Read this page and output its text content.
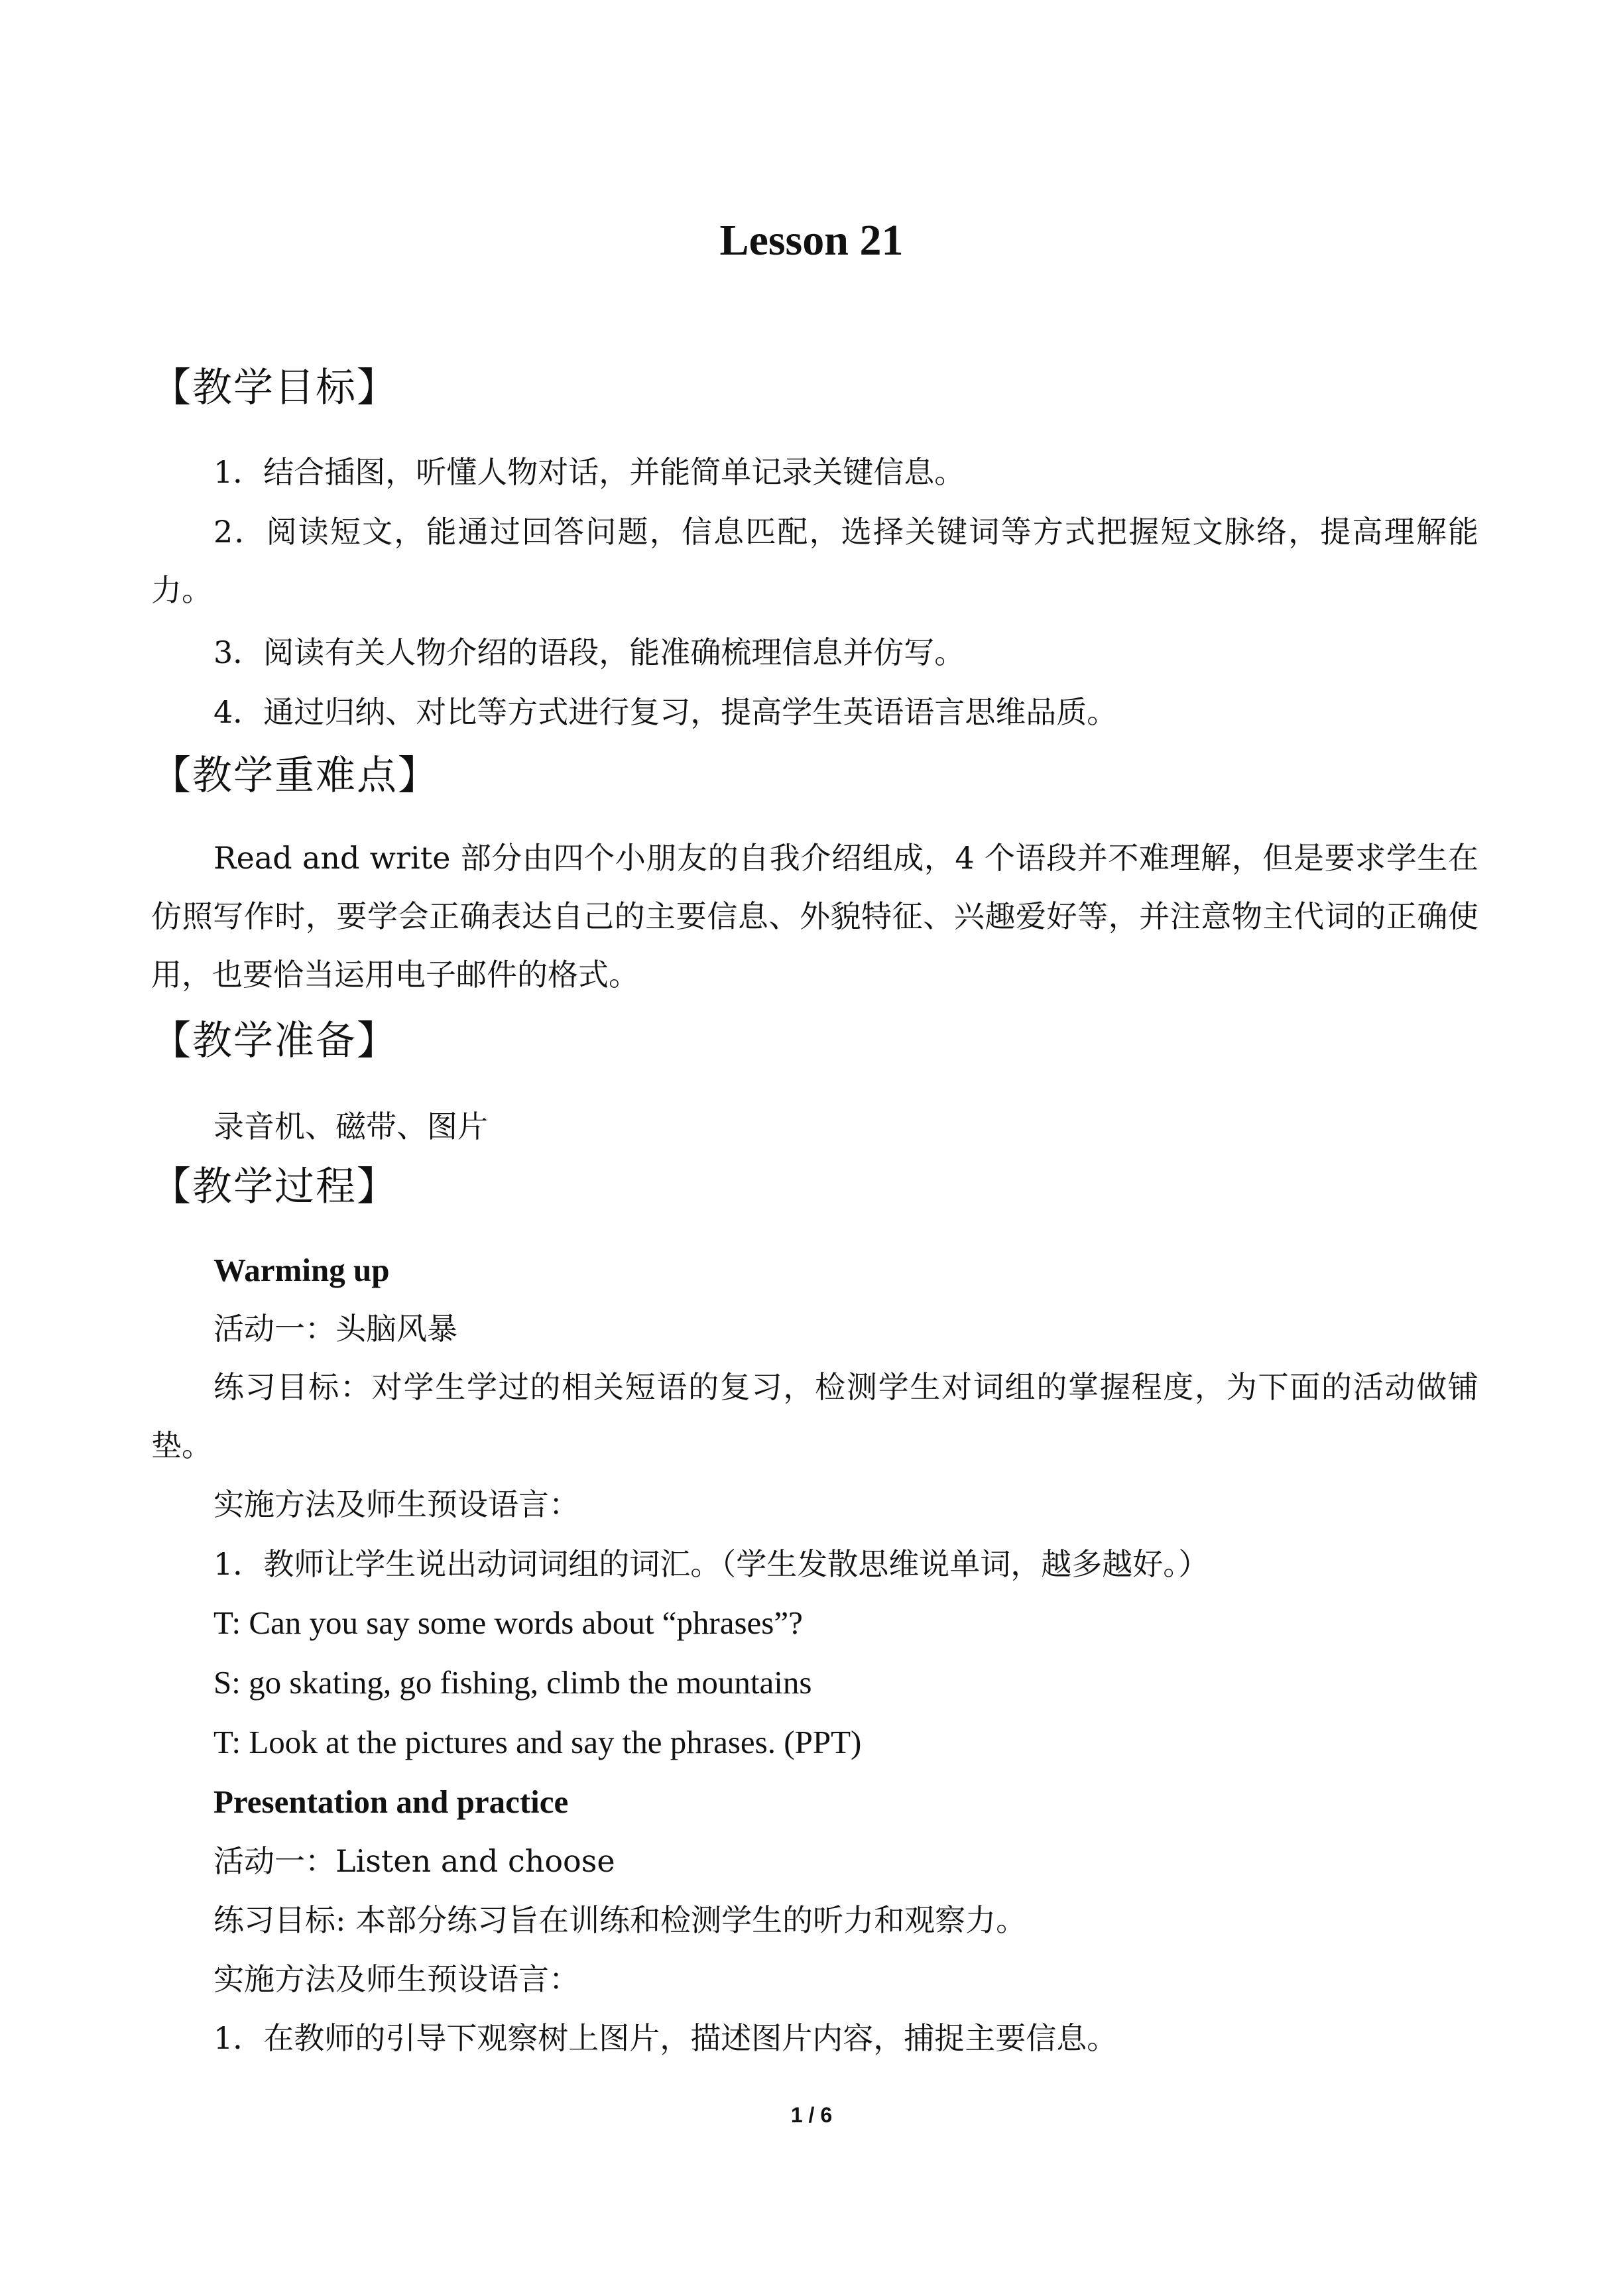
Lesson 21
【教学目标】
1．结合插图，听懂人物对话，并能简单记录关键信息。
2．阅读短文，能通过回答问题，信息匹配，选择关键词等方式把握短文脉络，提高理解能力。
3．阅读有关人物介绍的语段，能准确梳理信息并仿写。
4．通过归纳、对比等方式进行复习，提高学生英语语言思维品质。
【教学重难点】
Read and write 部分由四个小朋友的自我介绍组成，4 个语段并不难理解，但是要求学生在仿照写作时，要学会正确表达自己的主要信息、外貌特征、兴趣爱好等，并注意物主代词的正确使用，也要恰当运用电子邮件的格式。
【教学准备】
录音机、磁带、图片
【教学过程】
Warming up
活动一：头脑风暴
练习目标：对学生学过的相关短语的复习，检测学生对词组的掌握程度，为下面的活动做铺垫。
实施方法及师生预设语言：
1．教师让学生说出动词词组的词汇。（学生发散思维说单词，越多越好。）
T: Can you say some words about “phrases”?
S: go skating, go fishing, climb the mountains
T: Look at the pictures and say the phrases. (PPT)
Presentation and practice
活动一：Listen and choose
练习目标: 本部分练习旨在训练和检测学生的听力和观察力。
实施方法及师生预设语言：
1．在教师的引导下观察树上图片，描述图片内容，捕捉主要信息。
1 / 6
